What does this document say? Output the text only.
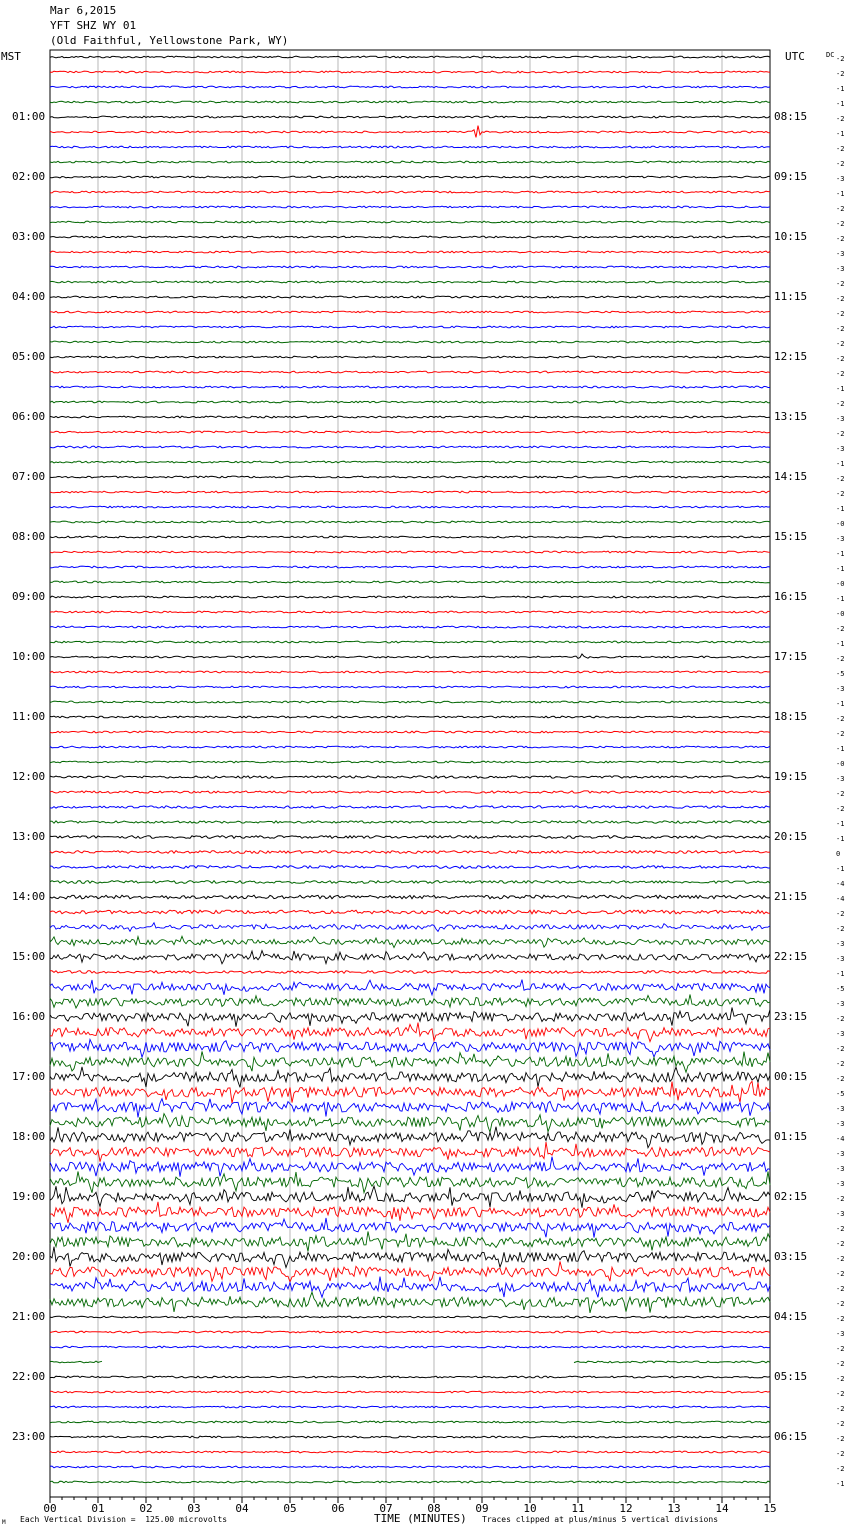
Mar 6,2015
YFT SHZ WY 01
(Old Faithful, Yellowstone Park, WY)
MST	UTC	DC
00	01	02	03	04	05	06	07	08	09	10	11	12	13	14	15
01:00
02:00
03:00
04:00
05:00
06:00
07:00
08:00
09:00
10:00
11:00
12:00
13:00
14:00
15:00
16:00
17:00
18:00
19:00
20:00
21:00
22:00
23:00
08:15
09:15
10:15
11:15
12:15
13:15
14:15
15:15
16:15
17:15
18:15
19:15
20:15
21:15
22:15
23:15
00:15
01:15
02:15
03:15
04:15
05:15
06:15
-2
-2
-1
-1
-2
-1
-2
-2
-3
-1
-2
-2
-2
-3
-3
-2
-2
-2
-2
-2
-2
-2
-1
-2
-3
-2
-3
-1
-2
-2
-1
-0
-3
-1
-1
-0
-1
-0
-2
-1
-2
-5
-3
-1
-2
-2
-1
-0
-3
-2
-2
-1
-1
0
-1
-4
-4
-2
-2
-3
-3
-1
-5
-3
-2
-3
-2
-2
-2
-5
-3
-3
-4
-3
-3
-3
-2
-3
-2
-2
-2
-2
-2
-2
-2
-3
-2
-2
-2
-2
-2
-2
-2
-2
-2
-1
M Each Vertical Division =  125.00 microvolts	TIME (MINUTES) Traces clipped at plus/minus 5 vertical divisions
